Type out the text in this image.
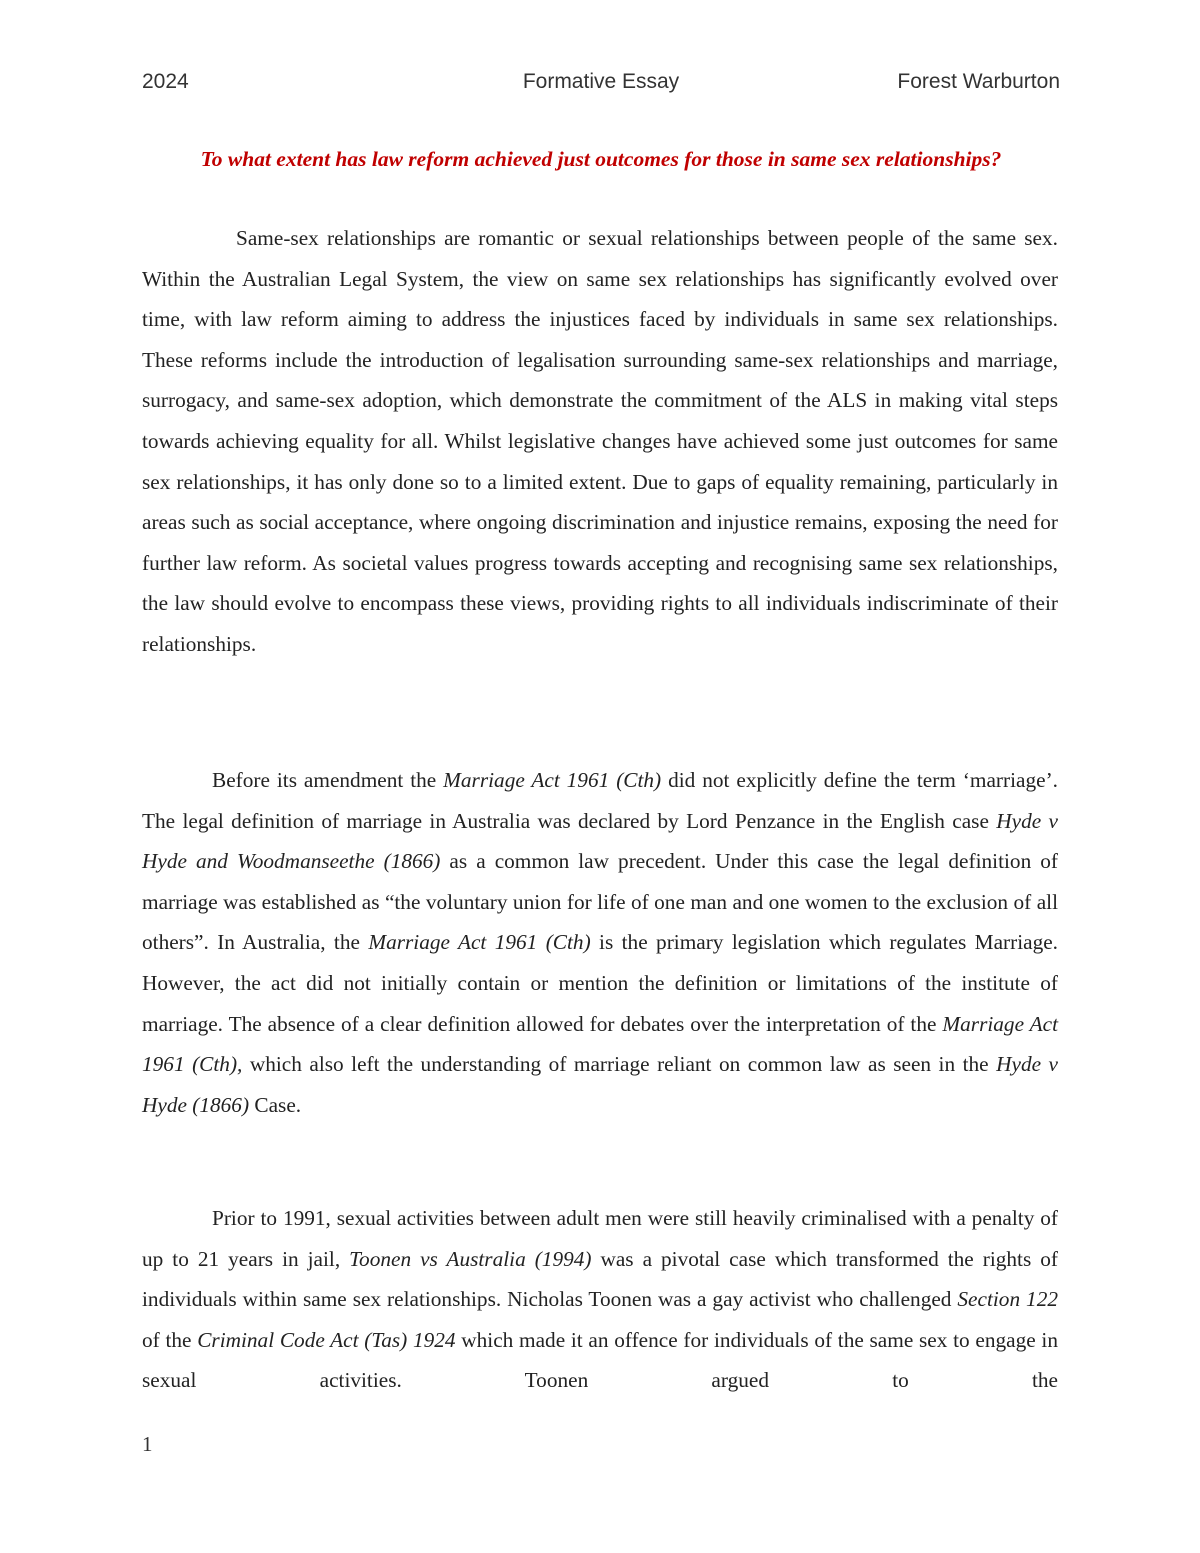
Formative Essay
2024	Forest Warburton
To what extent has law reform achieved just outcomes for those in same sex relationships?

Same-sex relationships are romantic or sexual relationships between people of the same sex. Within the Australian Legal System, the view on same sex relationships has significantly evolved over time, with law reform aiming to address the injustices faced by individuals in same sex relationships. These reforms include the introduction of legalisation surrounding same-sex relationships and marriage, surrogacy, and same-sex adoption, which demonstrate the commitment of the ALS in making vital steps towards achieving equality for all. Whilst legislative changes have achieved some just outcomes for same sex relationships, it has only done so to a limited extent. Due to gaps of equality remaining, particularly in areas such as social acceptance, where ongoing discrimination and injustice remains, exposing the need for further law reform. As societal values progress towards accepting and recognising same sex relationships, the law should evolve to encompass these views, providing rights to all individuals indiscriminate of their relationships.

Before its amendment the Marriage Act 1961 (Cth) did not explicitly define the term ‘marriage’. The legal definition of marriage in Australia was declared by Lord Penzance in the English case Hyde v Hyde and Woodmanseethe (1866) as a common law precedent. Under this case the legal definition of marriage was established as “the voluntary union for life of one man and one women to the exclusion of all others”. In Australia, the Marriage Act 1961 (Cth) is the primary legislation which regulates Marriage. However, the act did not initially contain or mention the definition or limitations of the institute of marriage. The absence of a clear definition allowed for debates over the interpretation of the Marriage Act 1961 (Cth), which also left the understanding of marriage reliant on common law as seen in the Hyde v Hyde (1866) Case.

Prior to 1991, sexual activities between adult men were still heavily criminalised with a penalty of up to 21 years in jail, Toonen vs Australia (1994) was a pivotal case which transformed the rights of individuals within same sex relationships. Nicholas Toonen was a gay activist who challenged Section 122 of the Criminal Code Act (Tas) 1924 which made it an offence for individuals of the same sex to engage in sexual activities. Toonen argued to the

1
